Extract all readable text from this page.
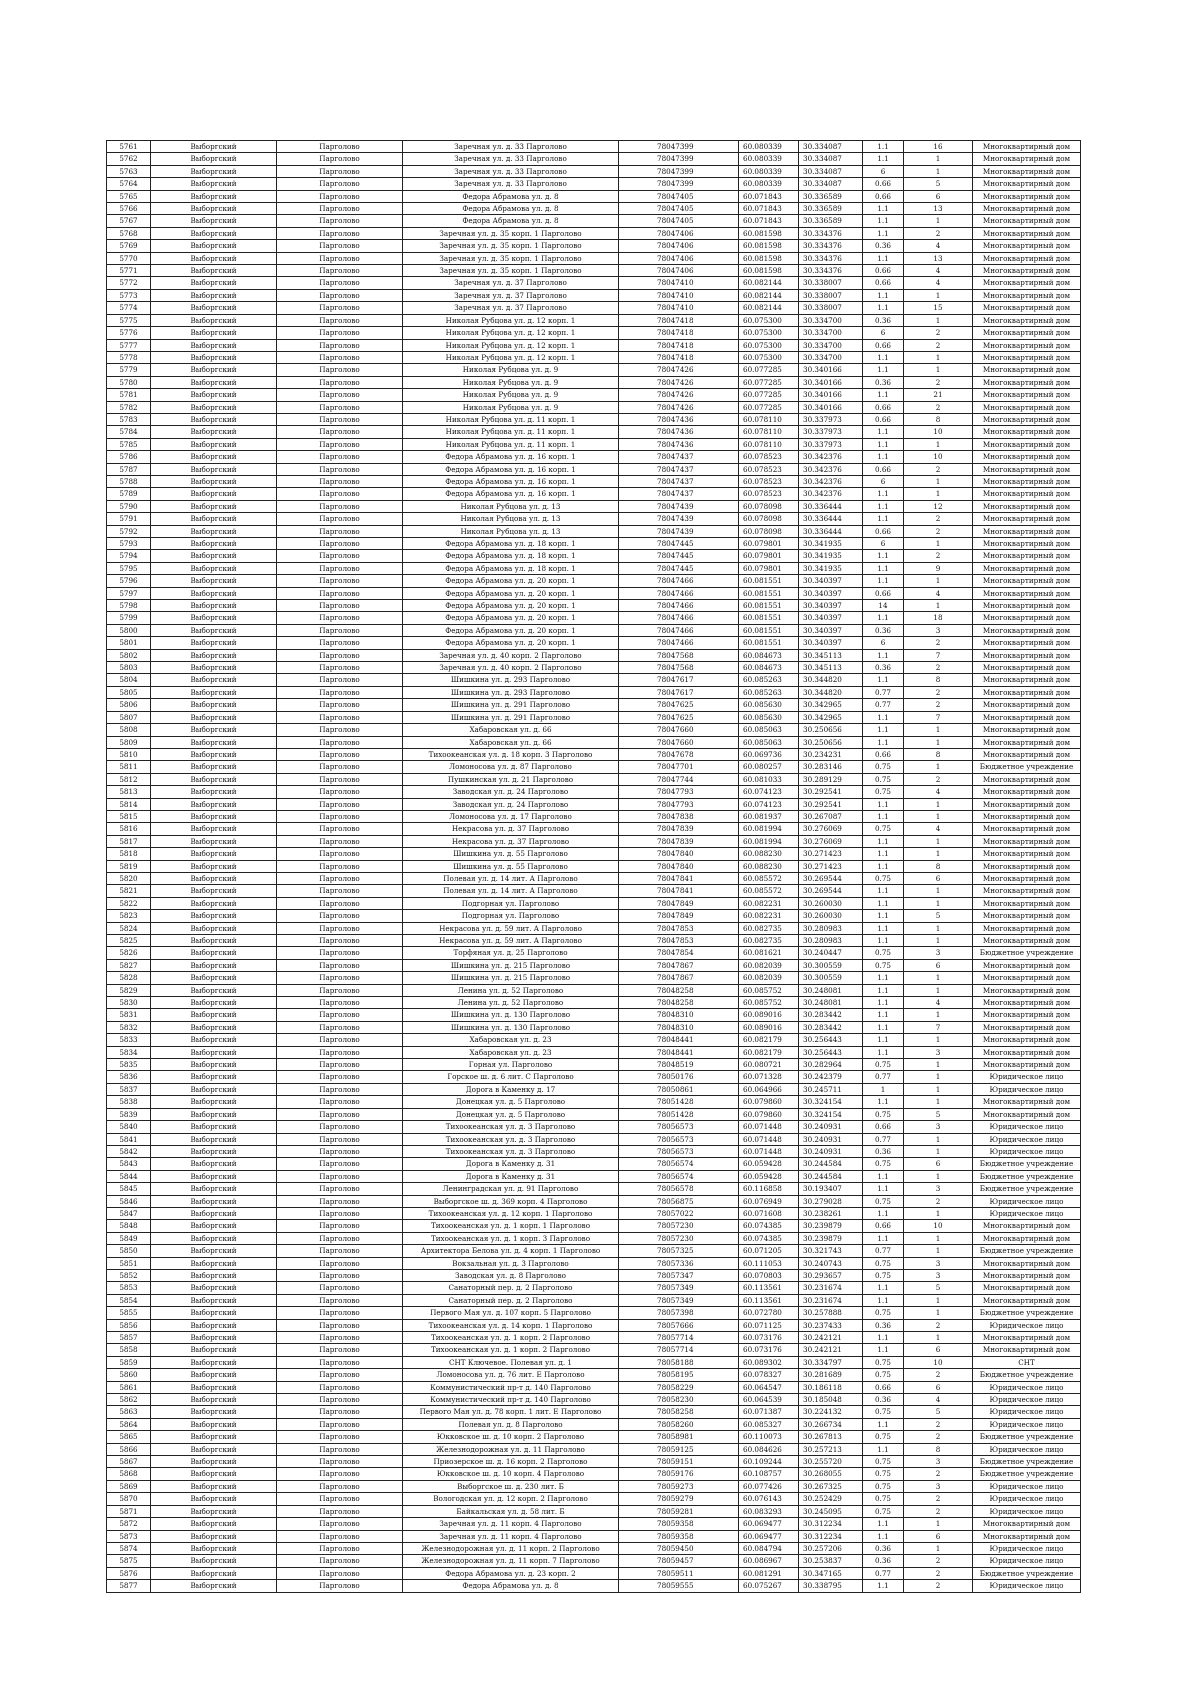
5761	Выборгский	Парголово	Заречная ул. д. 33 Парголово	78047399	60.080339	30.334087	1.1	16	Многоквартирный дом
5762	Выборгский	Парголово	Заречная ул. д. 33 Парголово	78047399	60.080339	30.334087	1.1	1	Многоквартирный дом
5763	Выборгский	Парголово	Заречная ул. д. 33 Парголово	78047399	60.080339	30.334087	6	1	Многоквартирный дом
5764	Выборгский	Парголово	Заречная ул. д. 33 Парголово	78047399	60.080339	30.334087	0.66	5	Многоквартирный дом
5765	Выборгский	Парголово	Федора Абрамова ул. д. 8	78047405	60.071843	30.336589	0.66	6	Многоквартирный дом
5766	Выборгский	Парголово	Федора Абрамова ул. д. 8	78047405	60.071843	30.336589	1.1	13	Многоквартирный дом
5767	Выборгский	Парголово	Федора Абрамова ул. д. 8	78047405	60.071843	30.336589	1.1	1	Многоквартирный дом
5768	Выборгский	Парголово	Заречная ул. д. 35 корп. 1 Парголово	78047406	60.081598	30.334376	1.1	2	Многоквартирный дом
5769	Выборгский	Парголово	Заречная ул. д. 35 корп. 1 Парголово	78047406	60.081598	30.334376	0.36	4	Многоквартирный дом
5770	Выборгский	Парголово	Заречная ул. д. 35 корп. 1 Парголово	78047406	60.081598	30.334376	1.1	13	Многоквартирный дом
5771	Выборгский	Парголово	Заречная ул. д. 35 корп. 1 Парголово	78047406	60.081598	30.334376	0.66	4	Многоквартирный дом
5772	Выборгский	Парголово	Заречная ул. д. 37 Парголово	78047410	60.082144	30.338007	0.66	4	Многоквартирный дом
5773	Выборгский	Парголово	Заречная ул. д. 37 Парголово	78047410	60.082144	30.338007	1.1	1	Многоквартирный дом
5774	Выборгский	Парголово	Заречная ул. д. 37 Парголово	78047410	60.082144	30.338007	1.1	15	Многоквартирный дом
5775	Выборгский	Парголово	Николая Рубцова ул. д. 12 корп. 1	78047418	60.075300	30.334700	0.36	1	Многоквартирный дом
5776	Выборгский	Парголово	Николая Рубцова ул. д. 12 корп. 1	78047418	60.075300	30.334700	6	2	Многоквартирный дом
5777	Выборгский	Парголово	Николая Рубцова ул. д. 12 корп. 1	78047418	60.075300	30.334700	0.66	2	Многоквартирный дом
5778	Выборгский	Парголово	Николая Рубцова ул. д. 12 корп. 1	78047418	60.075300	30.334700	1.1	1	Многоквартирный дом
5779	Выборгский	Парголово	Николая Рубцова ул. д. 9	78047426	60.077285	30.340166	1.1	1	Многоквартирный дом
5780	Выборгский	Парголово	Николая Рубцова ул. д. 9	78047426	60.077285	30.340166	0.36	2	Многоквартирный дом
5781	Выборгский	Парголово	Николая Рубцова ул. д. 9	78047426	60.077285	30.340166	1.1	21	Многоквартирный дом
5782	Выборгский	Парголово	Николая Рубцова ул. д. 9	78047426	60.077285	30.340166	0.66	2	Многоквартирный дом
5783	Выборгский	Парголово	Николая Рубцова ул. д. 11 корп. 1	78047436	60.078110	30.337973	0.66	8	Многоквартирный дом
5784	Выборгский	Парголово	Николая Рубцова ул. д. 11 корп. 1	78047436	60.078110	30.337973	1.1	10	Многоквартирный дом
5785	Выборгский	Парголово	Николая Рубцова ул. д. 11 корп. 1	78047436	60.078110	30.337973	1.1	1	Многоквартирный дом
5786	Выборгский	Парголово	Федора Абрамова ул. д. 16 корп. 1	78047437	60.078523	30.342376	1.1	10	Многоквартирный дом
5787	Выборгский	Парголово	Федора Абрамова ул. д. 16 корп. 1	78047437	60.078523	30.342376	0.66	2	Многоквартирный дом
5788	Выборгский	Парголово	Федора Абрамова ул. д. 16 корп. 1	78047437	60.078523	30.342376	6	1	Многоквартирный дом
5789	Выборгский	Парголово	Федора Абрамова ул. д. 16 корп. 1	78047437	60.078523	30.342376	1.1	1	Многоквартирный дом
5790	Выборгский	Парголово	Николая Рубцова ул. д. 13	78047439	60.078098	30.336444	1.1	12	Многоквартирный дом
5791	Выборгский	Парголово	Николая Рубцова ул. д. 13	78047439	60.078098	30.336444	1.1	2	Многоквартирный дом
5792	Выборгский	Парголово	Николая Рубцова ул. д. 13	78047439	60.078098	30.336444	0.66	2	Многоквартирный дом
5793	Выборгский	Парголово	Федора Абрамова ул. д. 18 корп. 1	78047445	60.079801	30.341935	6	1	Многоквартирный дом
5794	Выборгский	Парголово	Федора Абрамова ул. д. 18 корп. 1	78047445	60.079801	30.341935	1.1	2	Многоквартирный дом
5795	Выборгский	Парголово	Федора Абрамова ул. д. 18 корп. 1	78047445	60.079801	30.341935	1.1	9	Многоквартирный дом
5796	Выборгский	Парголово	Федора Абрамова ул. д. 20 корп. 1	78047466	60.081551	30.340397	1.1	1	Многоквартирный дом
5797	Выборгский	Парголово	Федора Абрамова ул. д. 20 корп. 1	78047466	60.081551	30.340397	0.66	4	Многоквартирный дом
5798	Выборгский	Парголово	Федора Абрамова ул. д. 20 корп. 1	78047466	60.081551	30.340397	14	1	Многоквартирный дом
5799	Выборгский	Парголово	Федора Абрамова ул. д. 20 корп. 1	78047466	60.081551	30.340397	1.1	18	Многоквартирный дом
5800	Выборгский	Парголово	Федора Абрамова ул. д. 20 корп. 1	78047466	60.081551	30.340397	0.36	3	Многоквартирный дом
5801	Выборгский	Парголово	Федора Абрамова ул. д. 20 корп. 1	78047466	60.081551	30.340397	6	2	Многоквартирный дом
5802	Выборгский	Парголово	Заречная ул. д. 40 корп. 2 Парголово	78047568	60.084673	30.345113	1.1	7	Многоквартирный дом
5803	Выборгский	Парголово	Заречная ул. д. 40 корп. 2 Парголово	78047568	60.084673	30.345113	0.36	2	Многоквартирный дом
5804	Выборгский	Парголово	Шишкина ул. д. 293 Парголово	78047617	60.085263	30.344820	1.1	8	Многоквартирный дом
5805	Выборгский	Парголово	Шишкина ул. д. 293 Парголово	78047617	60.085263	30.344820	0.77	2	Многоквартирный дом
5806	Выборгский	Парголово	Шишкина ул. д. 291 Парголово	78047625	60.085630	30.342965	0.77	2	Многоквартирный дом
5807	Выборгский	Парголово	Шишкина ул. д. 291 Парголово	78047625	60.085630	30.342965	1.1	7	Многоквартирный дом
5808	Выборгский	Парголово	Хабаровская ул. д. 66	78047660	60.085063	30.250656	1.1	1	Многоквартирный дом
5809	Выборгский	Парголово	Хабаровская ул. д. 66	78047660	60.085063	30.250656	1.1	1	Многоквартирный дом
5810	Выборгский	Парголово	Тихоокеанская ул. д. 18 корп. 3 Парголово	78047678	60.069736	30.234231	0.66	8	Многоквартирный дом
5811	Выборгский	Парголово	Ломоносова ул. д. 87 Парголово	78047701	60.080257	30.283146	0.75	1	Бюджетное учреждение
5812	Выборгский	Парголово	Пушкинская ул. д. 21 Парголово	78047744	60.081033	30.289129	0.75	2	Многоквартирный дом
5813	Выборгский	Парголово	Заводская ул. д. 24 Парголово	78047793	60.074123	30.292541	0.75	4	Многоквартирный дом
5814	Выборгский	Парголово	Заводская ул. д. 24 Парголово	78047793	60.074123	30.292541	1.1	1	Многоквартирный дом
5815	Выборгский	Парголово	Ломоносова ул. д. 17 Парголово	78047838	60.081937	30.267087	1.1	1	Многоквартирный дом
5816	Выборгский	Парголово	Некрасова ул. д. 37 Парголово	78047839	60.081994	30.276069	0.75	4	Многоквартирный дом
5817	Выборгский	Парголово	Некрасова ул. д. 37 Парголово	78047839	60.081994	30.276069	1.1	1	Многоквартирный дом
5818	Выборгский	Парголово	Шишкина ул. д. 55 Парголово	78047840	60.088230	30.271423	1.1	1	Многоквартирный дом
5819	Выборгский	Парголово	Шишкина ул. д. 55 Парголово	78047840	60.088230	30.271423	1.1	8	Многоквартирный дом
5820	Выборгский	Парголово	Полевая ул. д. 14 лит. А Парголово	78047841	60.085572	30.269544	0.75	6	Многоквартирный дом
5821	Выборгский	Парголово	Полевая ул. д. 14 лит. А Парголово	78047841	60.085572	30.269544	1.1	1	Многоквартирный дом
5822	Выборгский	Парголово	Подгорная ул. Парголово	78047849	60.082231	30.260030	1.1	1	Многоквартирный дом
5823	Выборгский	Парголово	Подгорная ул. Парголово	78047849	60.082231	30.260030	1.1	5	Многоквартирный дом
5824	Выборгский	Парголово	Некрасова ул. д. 59 лит. А Парголово	78047853	60.082735	30.280983	1.1	1	Многоквартирный дом
5825	Выборгский	Парголово	Некрасова ул. д. 59 лит. А Парголово	78047853	60.082735	30.280983	1.1	1	Многоквартирный дом
5826	Выборгский	Парголово	Торфяная ул. д. 25 Парголово	78047854	60.081621	30.240447	0.75	3	Бюджетное учреждение
5827	Выборгский	Парголово	Шишкина ул. д. 215 Парголово	78047867	60.082039	30.300559	0.75	6	Многоквартирный дом
5828	Выборгский	Парголово	Шишкина ул. д. 215 Парголово	78047867	60.082039	30.300559	1.1	1	Многоквартирный дом
5829	Выборгский	Парголово	Ленина ул. д. 52 Парголово	78048258	60.085752	30.248081	1.1	1	Многоквартирный дом
5830	Выборгский	Парголово	Ленина ул. д. 52 Парголово	78048258	60.085752	30.248081	1.1	4	Многоквартирный дом
5831	Выборгский	Парголово	Шишкина ул. д. 130 Парголово	78048310	60.089016	30.283442	1.1	1	Многоквартирный дом
5832	Выборгский	Парголово	Шишкина ул. д. 130 Парголово	78048310	60.089016	30.283442	1.1	7	Многоквартирный дом
5833	Выборгский	Парголово	Хабаровская ул. д. 23	78048441	60.082179	30.256443	1.1	1	Многоквартирный дом
5834	Выборгский	Парголово	Хабаровская ул. д. 23	78048441	60.082179	30.256443	1.1	3	Многоквартирный дом
5835	Выборгский	Парголово	Горная ул. Парголово	78048519	60.080721	30.282964	0.75	1	Многоквартирный дом
5836	Выборгский	Парголово	Горское ш. д. 6 лит. С Парголово	78050176	60.071328	30.242379	0.77	1	Юридическое лицо
5837	Выборгский	Парголово	Дорога в Каменку д. 17	78050861	60.064966	30.245711	1	1	Юридическое лицо
5838	Выборгский	Парголово	Донецкая ул. д. 5 Парголово	78051428	60.079860	30.324154	1.1	1	Многоквартирный дом
5839	Выборгский	Парголово	Донецкая ул. д. 5 Парголово	78051428	60.079860	30.324154	0.75	5	Многоквартирный дом
5840	Выборгский	Парголово	Тихоокеанская ул. д. 3 Парголово	78056573	60.071448	30.240931	0.66	3	Юридическое лицо
5841	Выборгский	Парголово	Тихоокеанская ул. д. 3 Парголово	78056573	60.071448	30.240931	0.77	1	Юридическое лицо
5842	Выборгский	Парголово	Тихоокеанская ул. д. 3 Парголово	78056573	60.071448	30.240931	0.36	1	Юридическое лицо
5843	Выборгский	Парголово	Дорога в Каменку д. 31	78056574	60.059428	30.244584	0.75	6	Бюджетное учреждение
5844	Выборгский	Парголово	Дорога в Каменку д. 31	78056574	60.059428	30.244584	1.1	1	Бюджетное учреждение
5845	Выборгский	Парголово	Ленинградская ул. д. 91 Парголово	78056578	60.116858	30.193407	1.1	3	Бюджетное учреждение
5846	Выборгский	Парголово	Выборгское ш. д. 369 корп. 4 Парголово	78056875	60.076949	30.279028	0.75	2	Юридическое лицо
5847	Выборгский	Парголово	Тихоокеанская ул. д. 12 корп. 1 Парголово	78057022	60.071608	30.238261	1.1	1	Юридическое лицо
5848	Выборгский	Парголово	Тихоокеанская ул. д. 1 корп. 1 Парголово	78057230	60.074385	30.239879	0.66	10	Многоквартирный дом
5849	Выборгский	Парголово	Тихоокеанская ул. д. 1 корп. 3 Парголово	78057230	60.074385	30.239879	1.1	1	Многоквартирный дом
5850	Выборгский	Парголово	Архитектора Белова ул. д. 4 корп. 1 Парголово	78057325	60.071205	30.321743	0.77	1	Бюджетное учреждение
5851	Выборгский	Парголово	Вокзальная ул. д. 3 Парголово	78057336	60.111053	30.240743	0.75	3	Многоквартирный дом
5852	Выборгский	Парголово	Заводская ул. д. 8 Парголово	78057347	60.070803	30.293657	0.75	3	Многоквартирный дом
5853	Выборгский	Парголово	Санаторный пер. д. 2 Парголово	78057349	60.113561	30.231674	1.1	5	Многоквартирный дом
5854	Выборгский	Парголово	Санаторный пер. д. 2 Парголово	78057349	60.113561	30.231674	1.1	1	Многоквартирный дом
5855	Выборгский	Парголово	Первого Мая ул. д. 107 корп. 5 Парголово	78057398	60.072780	30.257888	0.75	1	Бюджетное учреждение
5856	Выборгский	Парголово	Тихоокеанская ул. д. 14 корп. 1 Парголово	78057666	60.071125	30.237433	0.36	2	Юридическое лицо
5857	Выборгский	Парголово	Тихоокеанская ул. д. 1 корп. 2 Парголово	78057714	60.073176	30.242121	1.1	1	Многоквартирный дом
5858	Выборгский	Парголово	Тихоокеанская ул. д. 1 корп. 2 Парголово	78057714	60.073176	30.242121	1.1	6	Многоквартирный дом
5859	Выборгский	Парголово	СНТ Ключевое. Полевая ул. д. 1	78058188	60.089302	30.334797	0.75	10	СНТ
5860	Выборгский	Парголово	Ломоносова ул. д. 76 лит. Е Парголово	78058195	60.078327	30.281689	0.75	2	Бюджетное учреждение
5861	Выборгский	Парголово	Коммунистический пр-т д. 140 Парголово	78058229	60.064547	30.186118	0.66	6	Юридическое лицо
5862	Выборгский	Парголово	Коммунистический пр-т д. 140 Парголово	78058230	60.064539	30.185048	0.36	4	Юридическое лицо
5863	Выборгский	Парголово	Первого Мая ул. д. 78 корп. 1 лит. Е Парголово	78058258	60.071387	30.224132	0.75	5	Юридическое лицо
5864	Выборгский	Парголово	Полевая ул. д. 8 Парголово	78058260	60.085327	30.266734	1.1	2	Юридическое лицо
5865	Выборгский	Парголово	Юкковское ш. д. 10 корп. 2 Парголово	78058981	60.110073	30.267813	0.75	2	Бюджетное учреждение
5866	Выборгский	Парголово	Железнодорожная ул. д. 11 Парголово	78059125	60.084626	30.257213	1.1	8	Юридическое лицо
5867	Выборгский	Парголово	Приозерское ш. д. 16 корп. 2 Парголово	78059151	60.109244	30.255720	0.75	3	Бюджетное учреждение
5868	Выборгский	Парголово	Юкковское ш. д. 10 корп. 4 Парголово	78059176	60.108757	30.268055	0.75	2	Бюджетное учреждение
5869	Выборгский	Парголово	Выборгское ш. д. 230 лит. Б	78059273	60.077426	30.267325	0.75	3	Юридическое лицо
5870	Выборгский	Парголово	Вологодская ул. д. 12 корп. 2 Парголово	78059279	60.076143	30.252429	0.75	2	Юридическое лицо
5871	Выборгский	Парголово	Байкальская ул. д. 58 лит. Б	78059281	60.083293	30.245095	0.75	2	Юридическое лицо
5872	Выборгский	Парголово	Заречная ул. д. 11 корп. 4 Парголово	78059358	60.069477	30.312234	1.1	1	Многоквартирный дом
5873	Выборгский	Парголово	Заречная ул. д. 11 корп. 4 Парголово	78059358	60.069477	30.312234	1.1	6	Многоквартирный дом
5874	Выборгский	Парголово	Железнодорожная ул. д. 11 корп. 2 Парголово	78059450	60.084794	30.257206	0.36	1	Юридическое лицо
5875	Выборгский	Парголово	Железнодорожная ул. д. 11 корп. 7 Парголово	78059457	60.086967	30.253837	0.36	2	Юридическое лицо
5876	Выборгский	Парголово	Федора Абрамова ул. д. 23 корп. 2	78059511	60.081291	30.347165	0.77	2	Бюджетное учреждение
5877	Выборгский	Парголово	Федора Абрамова ул. д. 8	78059555	60.075267	30.338795	1.1	2	Юридическое лицо
